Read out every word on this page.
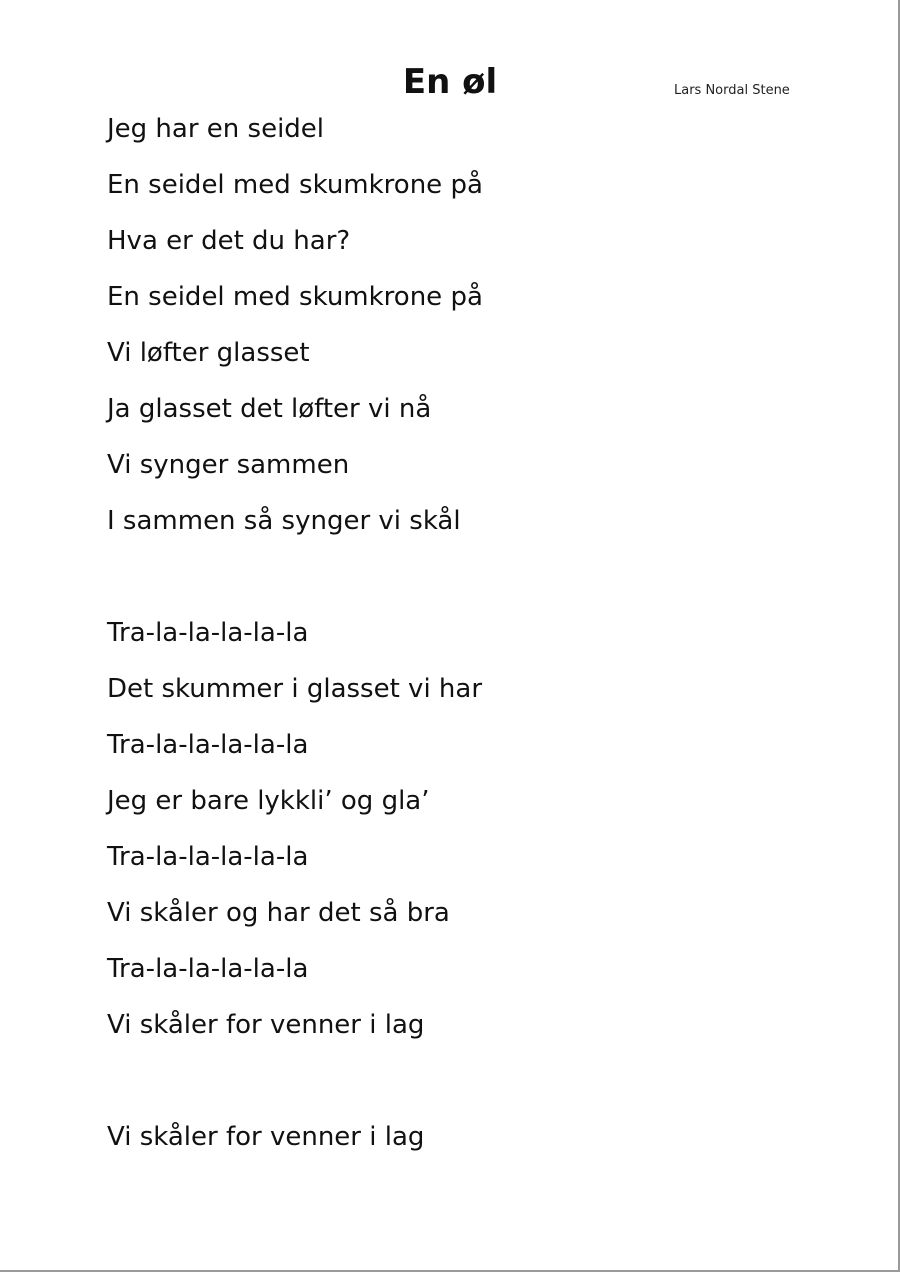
En øl	Lars Nordal Stene
Jeg har en seidel
En seidel med skumkrone på
Hva er det du har?
En seidel med skumkrone på
Vi løfter glasset
Ja glasset det løfter vi nå
Vi synger sammen
I sammen så synger vi skål
Tra-la-la-la-la-la
Det skummer i glasset vi har
Tra-la-la-la-la-la
Jeg er bare lykkli’ og gla’
Tra-la-la-la-la-la
Vi skåler og har det så bra
Tra-la-la-la-la-la
Vi skåler for venner i lag
Vi skåler for venner i lag
